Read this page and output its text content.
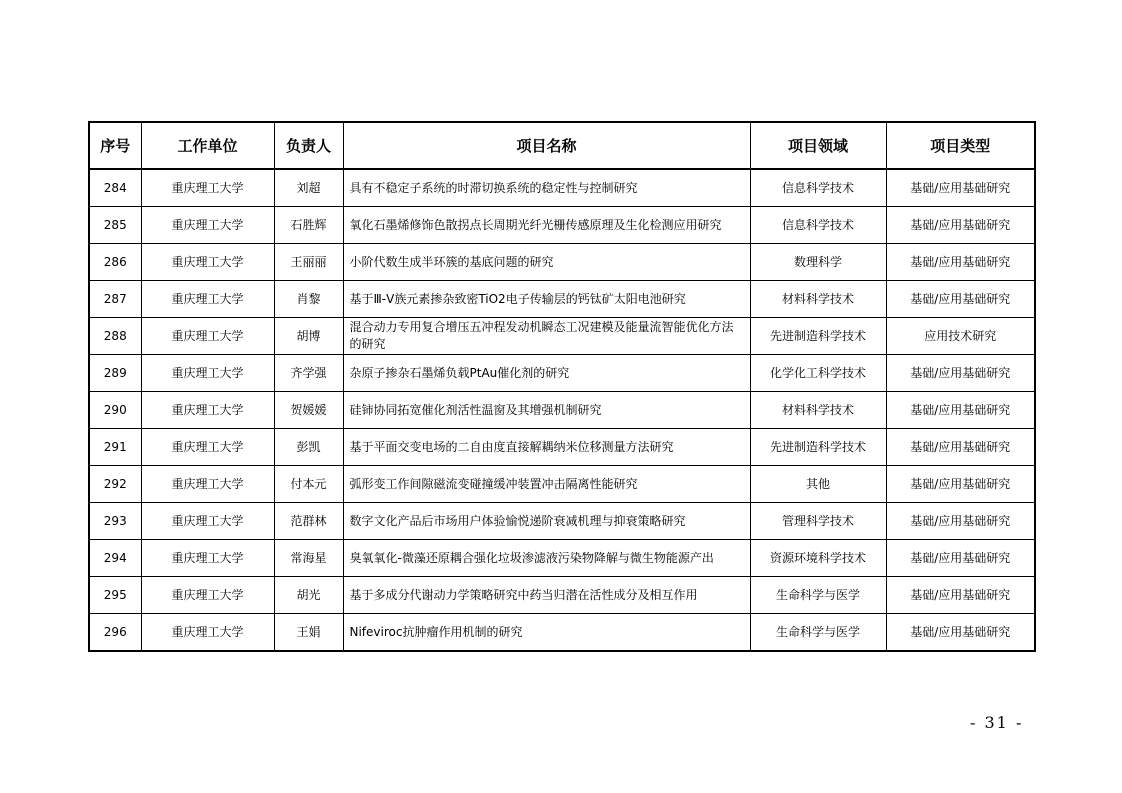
序号	工作单位	负责人	项目名称	项目领域	项目类型
284	重庆理工大学	刘超	具有不稳定子系统的时滞切换系统的稳定性与控制研究	信息科学技术	基础/应用基础研究
285	重庆理工大学	石胜辉	氧化石墨烯修饰色散拐点长周期光纤光栅传感原理及生化检测应用研究	信息科学技术	基础/应用基础研究
286	重庆理工大学	王丽丽	小阶代数生成半环簇的基底问题的研究	数理科学	基础/应用基础研究
287	重庆理工大学	肖黎	基于Ⅲ-Ⅴ族元素掺杂致密TiO2电子传输层的钙钛矿太阳电池研究	材料科学技术	基础/应用基础研究
288	重庆理工大学	胡博	混合动力专用复合增压五冲程发动机瞬态工况建模及能量流智能优化方法的研究	先进制造科学技术	应用技术研究
289	重庆理工大学	齐学强	杂原子掺杂石墨烯负载PtAu催化剂的研究	化学化工科学技术	基础/应用基础研究
290	重庆理工大学	贺媛媛	硅铈协同拓宽催化剂活性温窗及其增强机制研究	材料科学技术	基础/应用基础研究
291	重庆理工大学	彭凯	基于平面交变电场的二自由度直接解耦纳米位移测量方法研究	先进制造科学技术	基础/应用基础研究
292	重庆理工大学	付本元	弧形变工作间隙磁流变碰撞缓冲装置冲击隔离性能研究	其他	基础/应用基础研究
293	重庆理工大学	范群林	数字文化产品后市场用户体验愉悦递阶衰减机理与抑衰策略研究	管理科学技术	基础/应用基础研究
294	重庆理工大学	常海星	臭氧氧化-微藻还原耦合强化垃圾渗滤液污染物降解与微生物能源产出	资源环境科学技术	基础/应用基础研究
295	重庆理工大学	胡光	基于多成分代谢动力学策略研究中药当归潜在活性成分及相互作用	生命科学与医学	基础/应用基础研究
296	重庆理工大学	王娟	Nifeviroc抗肿瘤作用机制的研究	生命科学与医学	基础/应用基础研究
- 31 -
